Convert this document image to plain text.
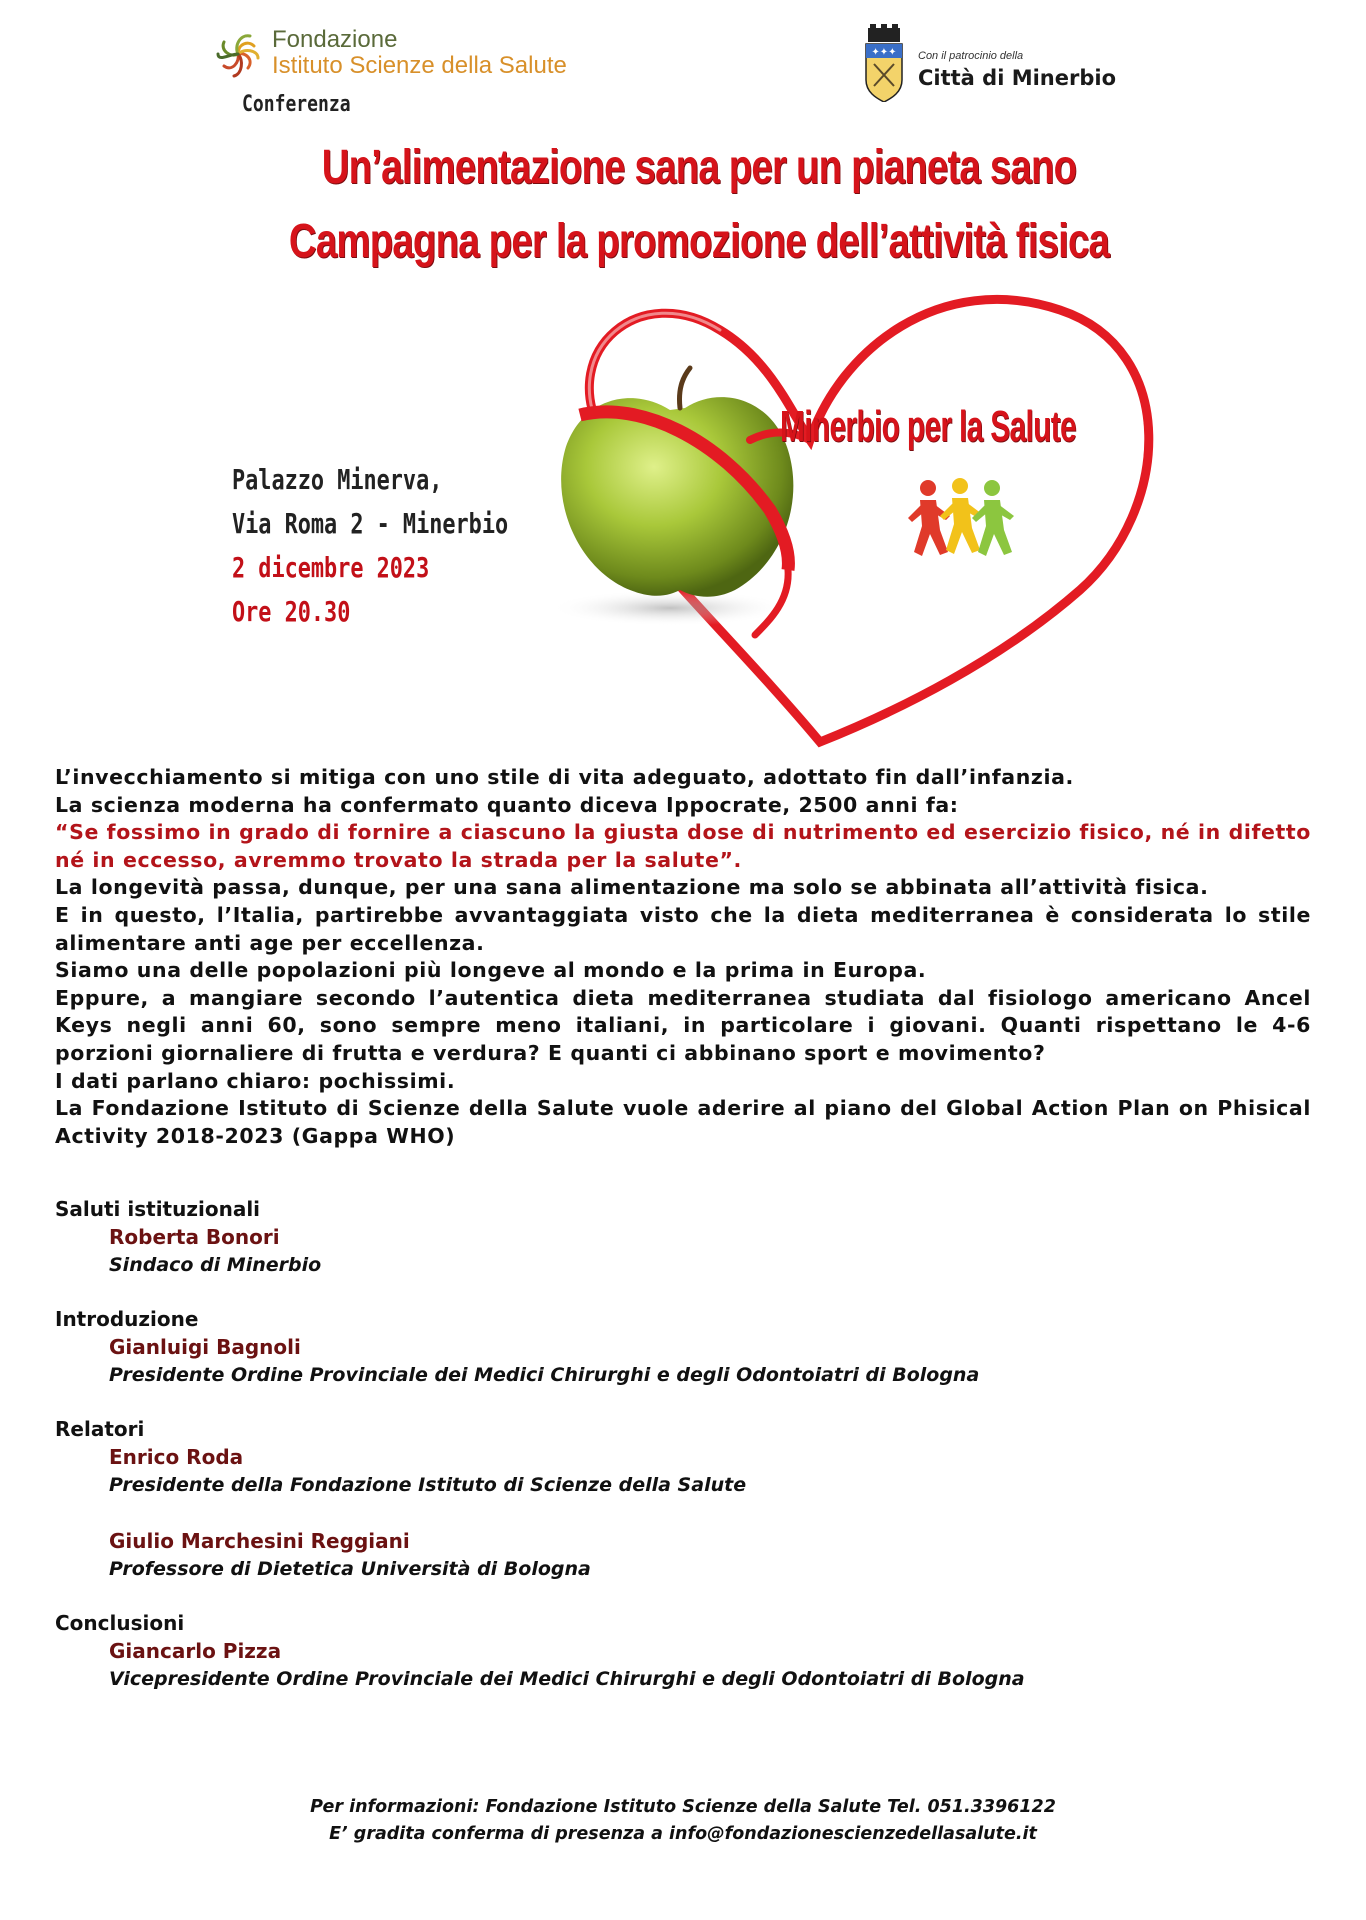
Fondazione
Istituto Scienze della Salute	✦✦✦ Con il patrocinio della
Città di Minerbio
Conferenza
Un’alimentazione sana per un pianeta sano
Campagna per la promozione dell’attività fisica
Minerbio per la Salute
Palazzo Minerva,
Via Roma 2 - Minerbio
2 dicembre 2023
Ore 20.30

L’invecchiamento si mitiga con uno stile di vita adeguato, adottato fin dall’infanzia.

La scienza moderna ha confermato quanto diceva Ippocrate, 2500 anni fa:

“Se fossimo in grado di fornire a ciascuno la giusta dose di nutrimento ed esercizio fisico, né in difetto né in eccesso, avremmo trovato la strada per la salute”.

La longevità passa, dunque, per una sana alimentazione ma solo se abbinata all’attività fisica.

E in questo, l’Italia, partirebbe avvantaggiata visto che la dieta mediterranea è considerata lo stile alimentare anti age per eccellenza.

Siamo una delle popolazioni più longeve al mondo e la prima in Europa.

Eppure, a mangiare secondo l’autentica dieta mediterranea studiata dal fisiologo americano Ancel Keys negli anni 60, sono sempre meno italiani, in particolare i giovani. Quanti rispettano le 4-6 porzioni giornaliere di frutta e verdura? E quanti ci abbinano sport e movimento?

I dati parlano chiaro: pochissimi.

La Fondazione Istituto di Scienze della Salute vuole aderire al piano del Global Action Plan on Phisical Activity 2018-2023 (Gappa WHO)

Saluti istituzionali
Roberta Bonori
Sindaco di Minerbio
Introduzione
Gianluigi Bagnoli
Presidente Ordine Provinciale dei Medici Chirurghi e degli Odontoiatri di Bologna
Relatori
Enrico Roda
Presidente della Fondazione Istituto di Scienze della Salute
Giulio Marchesini Reggiani
Professore di Dietetica Università di Bologna
Conclusioni
Giancarlo Pizza
Vicepresidente Ordine Provinciale dei Medici Chirurghi e degli Odontoiatri di Bologna
Per informazioni: Fondazione Istituto Scienze della Salute Tel. 051.3396122
E’ gradita conferma di presenza a info@fondazionescienzedellasalute.it
